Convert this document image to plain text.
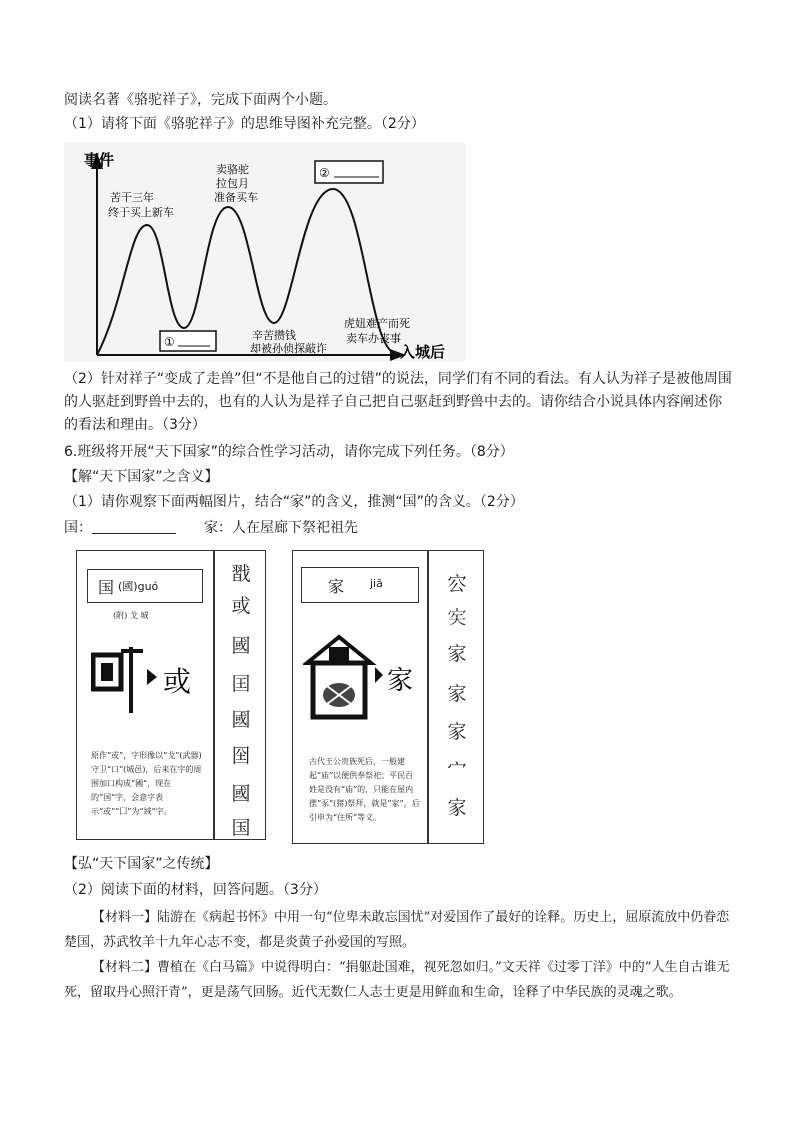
阅读名著《骆驼祥子》，完成下面两个小题。
（1）请将下面《骆驼祥子》的思维导图补充完整。（2分）
事件
入城后
苦干三年
终于买上新车
卖骆驼
拉包月
准备买车
②
①	辛苦攒钱
却被孙侦探敲诈
虎妞难产而死
卖车办丧事
（2）针对祥子“变成了走兽”但“不是他自己的过错”的说法，同学们有不同的看法。有人认为祥子是被他周围的人驱赶到野兽中去的，也有的人认为是祥子自己把自己驱赶到野兽中去的。请你结合小说具体内容阐述你的看法和理由。（3分）
6.班级将开展“天下国家”的综合性学习活动，请你完成下列任务。（8分）
【解“天下国家”之含义】
（1）请你观察下面两幅图片，结合“家”的含义，推测“国”的含义。（2分）
国：	家：人在屋廊下祭祀祖先
国 (國)guó
(附) 戈 城
或
原作“或”，字形像以“戈”(武器)守卫“口”(城邑)，后来在字的周围加口构成“國”，现在的“国”字，会意字表示“或”“囗”为“域”字。
㦻
或
國
囯
國
囶
國
国
家 jiā
家
古代王公贵族死后，一般建起“庙”以便供奉祭祀；平民百姓是没有“庙”的，只能在屋内摆“豕”(猪)祭拜，就是“家”，后引申为“住所”等义。
㝐
𡧦
家
家
家
宀
家
【弘“天下国家”之传统】
（2）阅读下面的材料，回答问题。（3分）
【材料一】陆游在《病起书怀》中用一句“位卑未敢忘国忧”对爱国作了最好的诠释。历史上，屈原流放中仍眷恋楚国，苏武牧羊十九年心志不变，都是炎黄子孙爱国的写照。
【材料二】曹植在《白马篇》中说得明白：“捐躯赴国难，视死忽如归。”文天祥《过零丁洋》中的“人生自古谁无死，留取丹心照汗青”，更是荡气回肠。近代无数仁人志士更是用鲜血和生命，诠释了中华民族的灵魂之歌。
